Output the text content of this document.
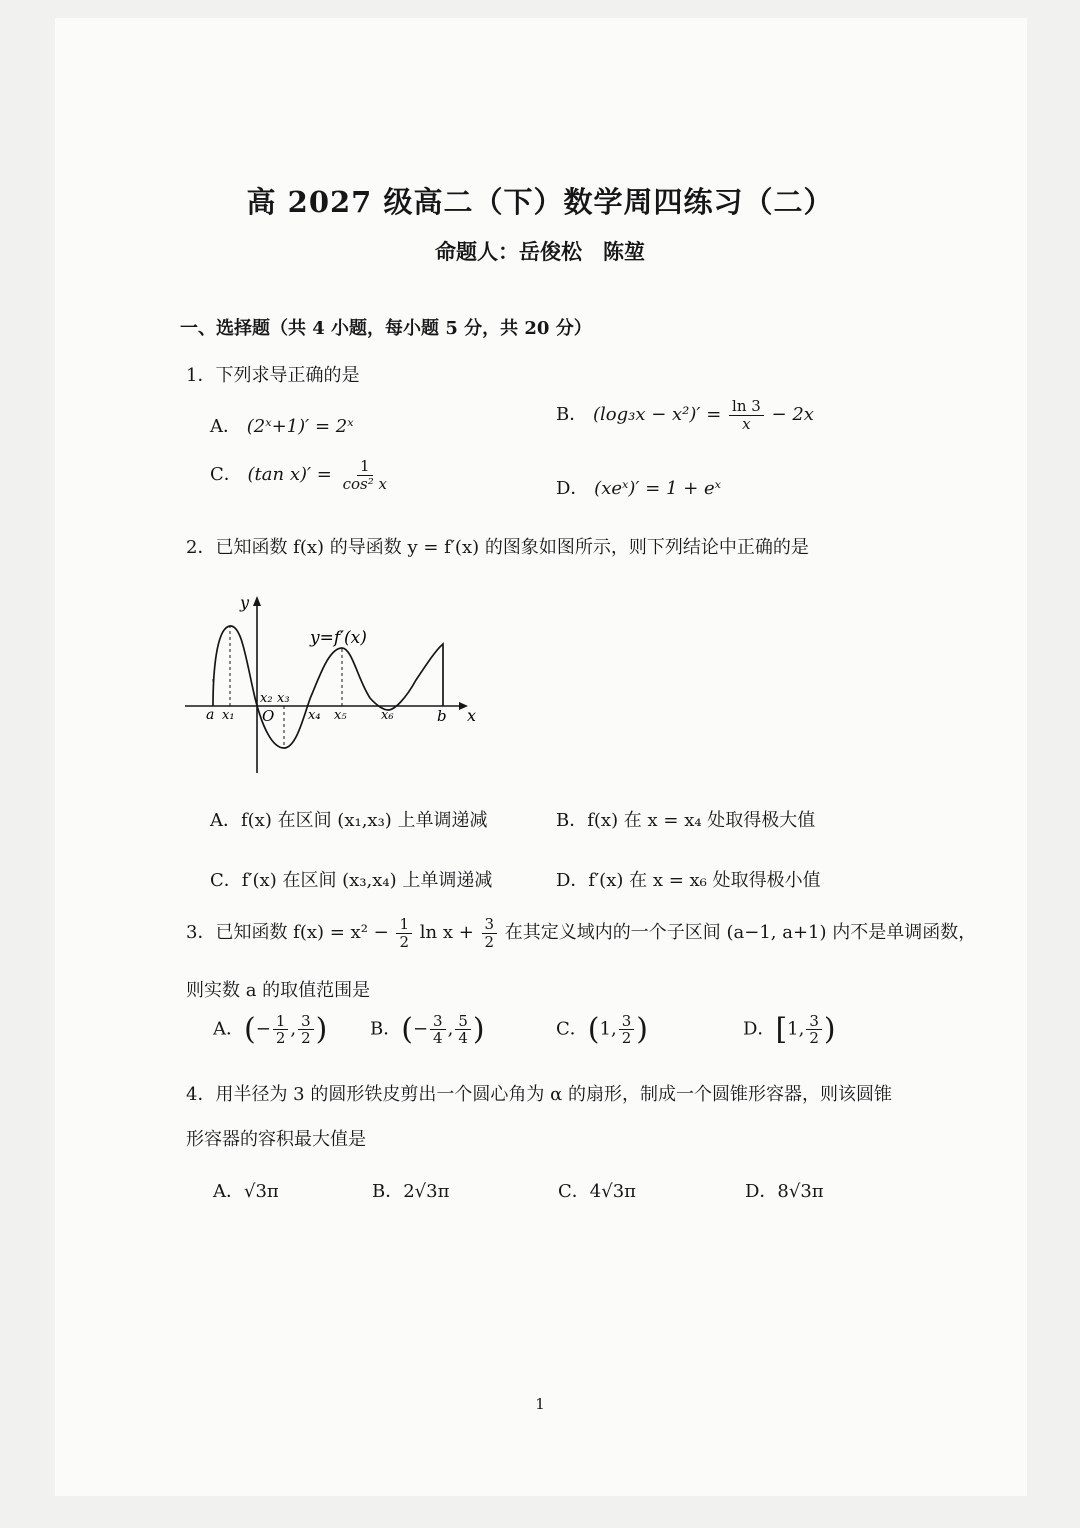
高 2027 级高二（下）数学周四练习（二）
命题人：岳俊松　陈堃
一、选择题（共 4 小题，每小题 5 分，共 20 分）
1．下列求导正确的是
A． (2ˣ+1)′ = 2ˣ
B． $(\log_3x - x^2)' = \frac{\ln 3}{x} - 2x$
C． (tan $x)' = \frac{1}{\text{cos² x}}$	D． (xeˣ)′ = 1 + eˣ
2．已知函数 f(x) 的导函数 y = f′(x) 的图象如图所示，则下列结论中正确的是
y
x
y=f′(x)
O
a x₁
x₂ x₃
x₄ x₅	x₆	b
A．f(x) 在区间 (x₁,x₃) 上单调递减	B．f(x) 在 x = x₄ 处取得极大值
C．f′(x) 在区间 (x₃,x₄) 上单调递减	D．f′(x) 在 x = x₆ 处取得极小值
3．已知函数 $f(x) = x^2 - \frac{1}{2}$ $\ln x + \frac{3}{2}$ 在其定义域内的一个子区间 (a−1, a+1) 内不是单调函数，
则实数 a 的取值范围是
A．(− $\frac{1}{2}$ , $\frac{3}{2}$ ) B．(− $\frac{3}{4}$ , $\frac{5}{4}$ )	C．(1, $\frac{3}{2}$ )	D．[1, $\frac{3}{2}$ )
4．用半径为 3 的圆形铁皮剪出一个圆心角为 α 的扇形，制成一个圆锥形容器，则该圆锥
形容器的容积最大值是
A．√3π	B．2√3π	C．4√3π	D．8√3π
1
